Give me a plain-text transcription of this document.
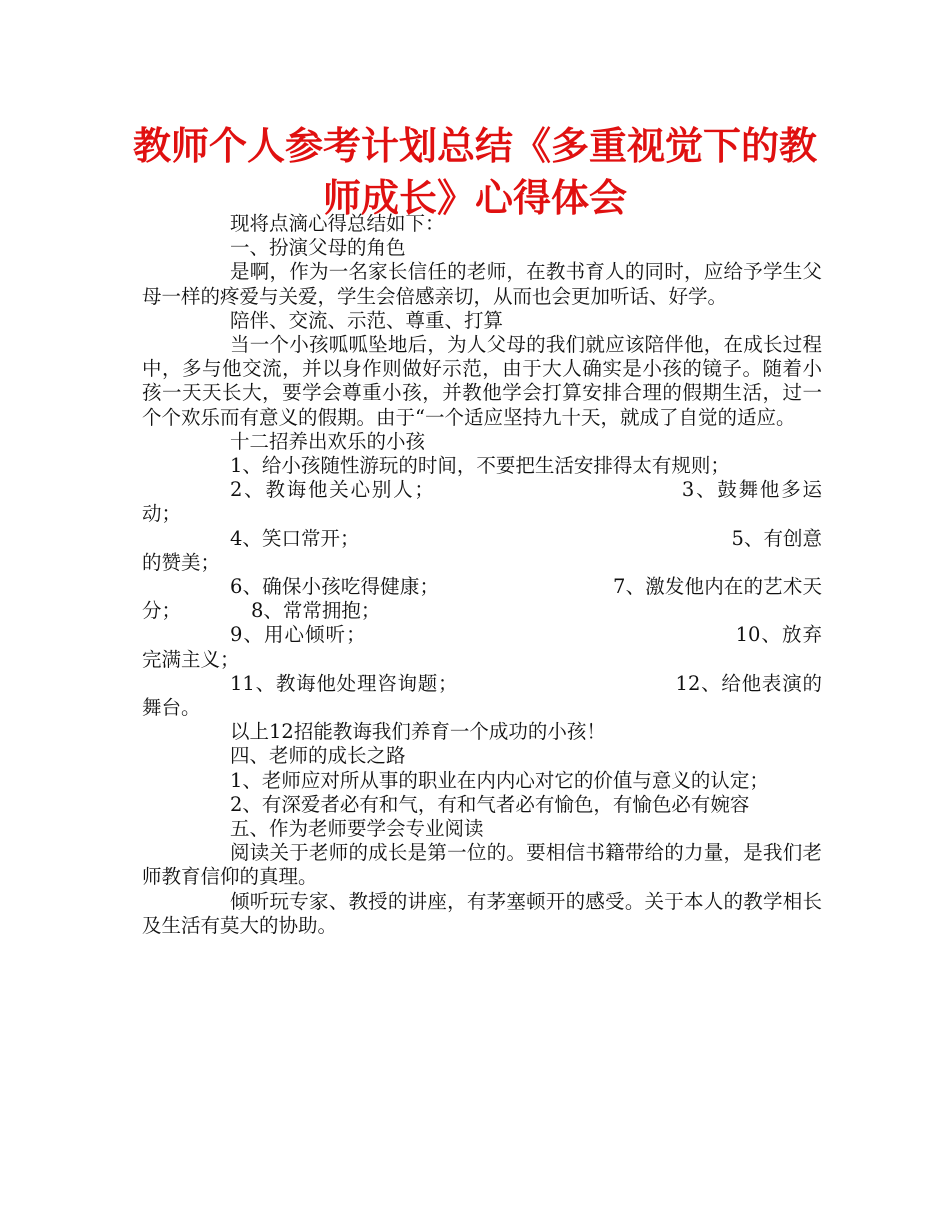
教师个人参考计划总结《多重视觉下的教师成长》心得体会

现将点滴心得总结如下：

一、扮演父母的角色

是啊，作为一名家长信任的老师，在教书育人的同时，应给予学生父母一样的疼爱与关爱，学生会倍感亲切，从而也会更加听话、好学。

陪伴、交流、示范、尊重、打算

当一个小孩呱呱坠地后，为人父母的我们就应该陪伴他，在成长过程中，多与他交流，并以身作则做好示范，由于大人确实是小孩的镜子。随着小孩一天天长大，要学会尊重小孩，并教他学会打算安排合理的假期生活，过一个个欢乐而有意义的假期。由于“一个适应坚持九十天，就成了自觉的适应。

十二招养出欢乐的小孩

1、给小孩随性游玩的时间，不要把生活安排得太有规则；

2、教诲他关心别人；	3、鼓舞他多运动；

4、笑口常开；	5、有创意的赞美；

6、确保小孩吃得健康；	7、激发他内在的艺术天分；	8、常常拥抱；

9、用心倾听；	10、放弃完满主义；

11、教诲他处理咨询题；	12、给他表演的舞台。

以上12招能教诲我们养育一个成功的小孩！

四、老师的成长之路

1、老师应对所从事的职业在内内心对它的价值与意义的认定；

2、有深爱者必有和气，有和气者必有愉色，有愉色必有婉容

五、作为老师要学会专业阅读

阅读关于老师的成长是第一位的。要相信书籍带给的力量，是我们老师教育信仰的真理。

倾听玩专家、教授的讲座，有茅塞顿开的感受。关于本人的教学相长及生活有莫大的协助。
